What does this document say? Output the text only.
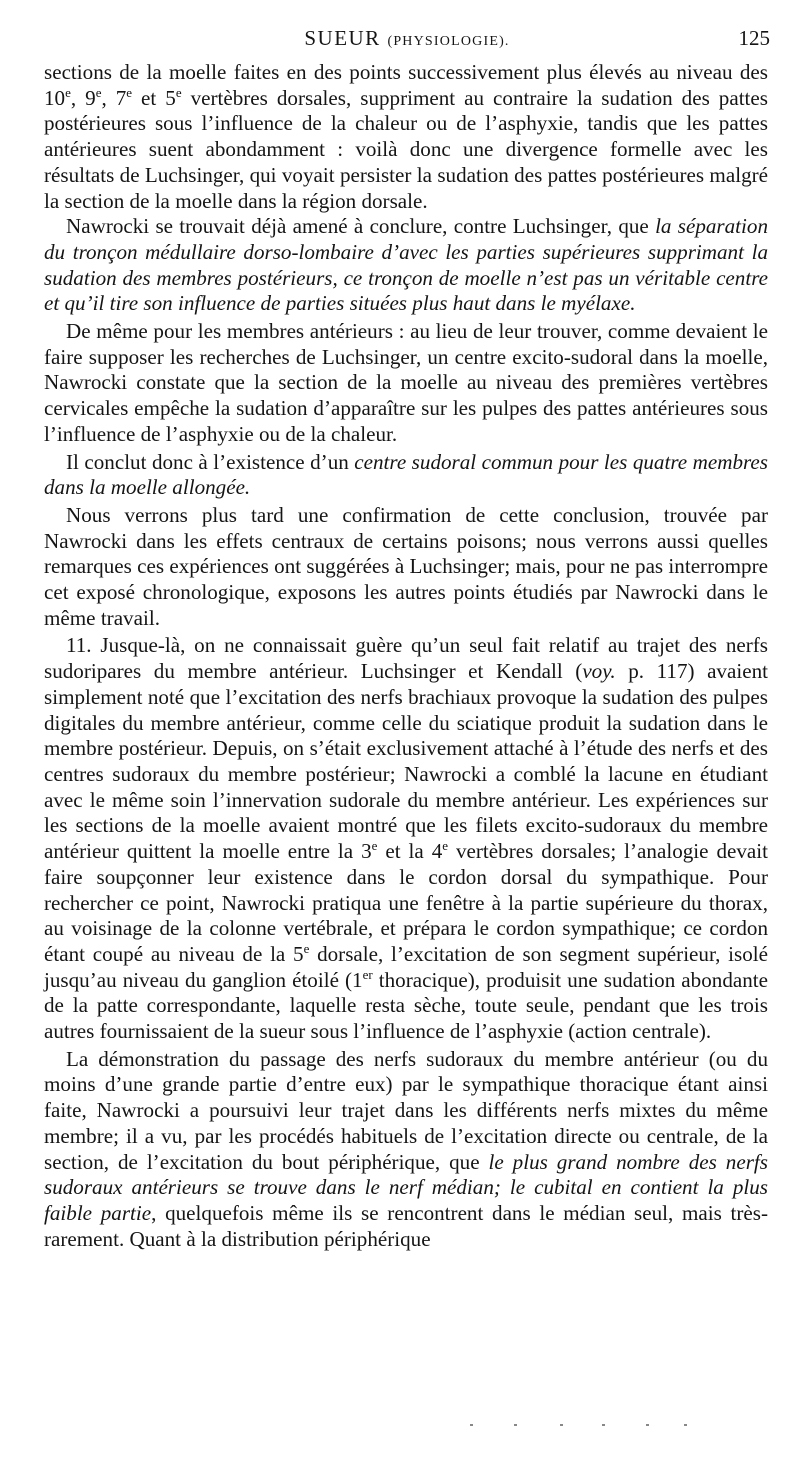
SUEUR (PHYSIOLOGIE).	125

sections de la moelle faites en des points successivement plus élevés au niveau des 10e, 9e, 7e et 5e vertèbres dorsales, suppriment au contraire la sudation des pattes postérieures sous l’influence de la chaleur ou de l’asphyxie, tandis que les pattes antérieures suent abondamment : voilà donc une divergence formelle avec les résultats de Luchsinger, qui voyait persister la sudation des pattes postérieures malgré la section de la moelle dans la région dorsale.

Nawrocki se trouvait déjà amené à conclure, contre Luchsinger, que la séparation du tronçon médullaire dorso-lombaire d’avec les parties supérieures supprimant la sudation des membres postérieurs, ce tronçon de moelle n’est pas un véritable centre et qu’il tire son influence de parties situées plus haut dans le myélaxe.

De même pour les membres antérieurs : au lieu de leur trouver, comme devaient le faire supposer les recherches de Luchsinger, un centre excito-sudoral dans la moelle, Nawrocki constate que la section de la moelle au niveau des premières vertèbres cervicales empêche la sudation d’apparaître sur les pulpes des pattes antérieures sous l’influence de l’asphyxie ou de la chaleur.

Il conclut donc à l’existence d’un centre sudoral commun pour les quatre membres dans la moelle allongée.

Nous verrons plus tard une confirmation de cette conclusion, trouvée par Nawrocki dans les effets centraux de certains poisons; nous verrons aussi quelles remarques ces expériences ont suggérées à Luchsinger; mais, pour ne pas interrompre cet exposé chronologique, exposons les autres points étudiés par Nawrocki dans le même travail.

11. Jusque-là, on ne connaissait guère qu’un seul fait relatif au trajet des nerfs sudoripares du membre antérieur. Luchsinger et Kendall (voy. p. 117) avaient simplement noté que l’excitation des nerfs brachiaux provoque la sudation des pulpes digitales du membre antérieur, comme celle du sciatique produit la sudation dans le membre postérieur. Depuis, on s’était exclusivement attaché à l’étude des nerfs et des centres sudoraux du membre postérieur; Nawrocki a comblé la lacune en étudiant avec le même soin l’innervation sudorale du membre antérieur. Les expériences sur les sections de la moelle avaient montré que les filets excito-sudoraux du membre antérieur quittent la moelle entre la 3e et la 4e vertèbres dorsales; l’analogie devait faire soupçonner leur existence dans le cordon dorsal du sympathique. Pour rechercher ce point, Nawrocki pratiqua une fenêtre à la partie supérieure du thorax, au voisinage de la colonne vertébrale, et prépara le cordon sympathique; ce cordon étant coupé au niveau de la 5e dorsale, l’excitation de son segment supérieur, isolé jusqu’au niveau du ganglion étoilé (1er thoracique), produisit une sudation abondante de la patte correspondante, laquelle resta sèche, toute seule, pendant que les trois autres fournissaient de la sueur sous l’influence de l’asphyxie (action centrale).

La démonstration du passage des nerfs sudoraux du membre antérieur (ou du moins d’une grande partie d’entre eux) par le sympathique thoracique étant ainsi faite, Nawrocki a poursuivi leur trajet dans les différents nerfs mixtes du même membre; il a vu, par les procédés habituels de l’excitation directe ou centrale, de la section, de l’excitation du bout périphérique, que le plus grand nombre des nerfs sudoraux antérieurs se trouve dans le nerf médian; le cubital en contient la plus faible partie, quelquefois même ils se rencontrent dans le médian seul, mais très-rarement. Quant à la distribution périphérique
